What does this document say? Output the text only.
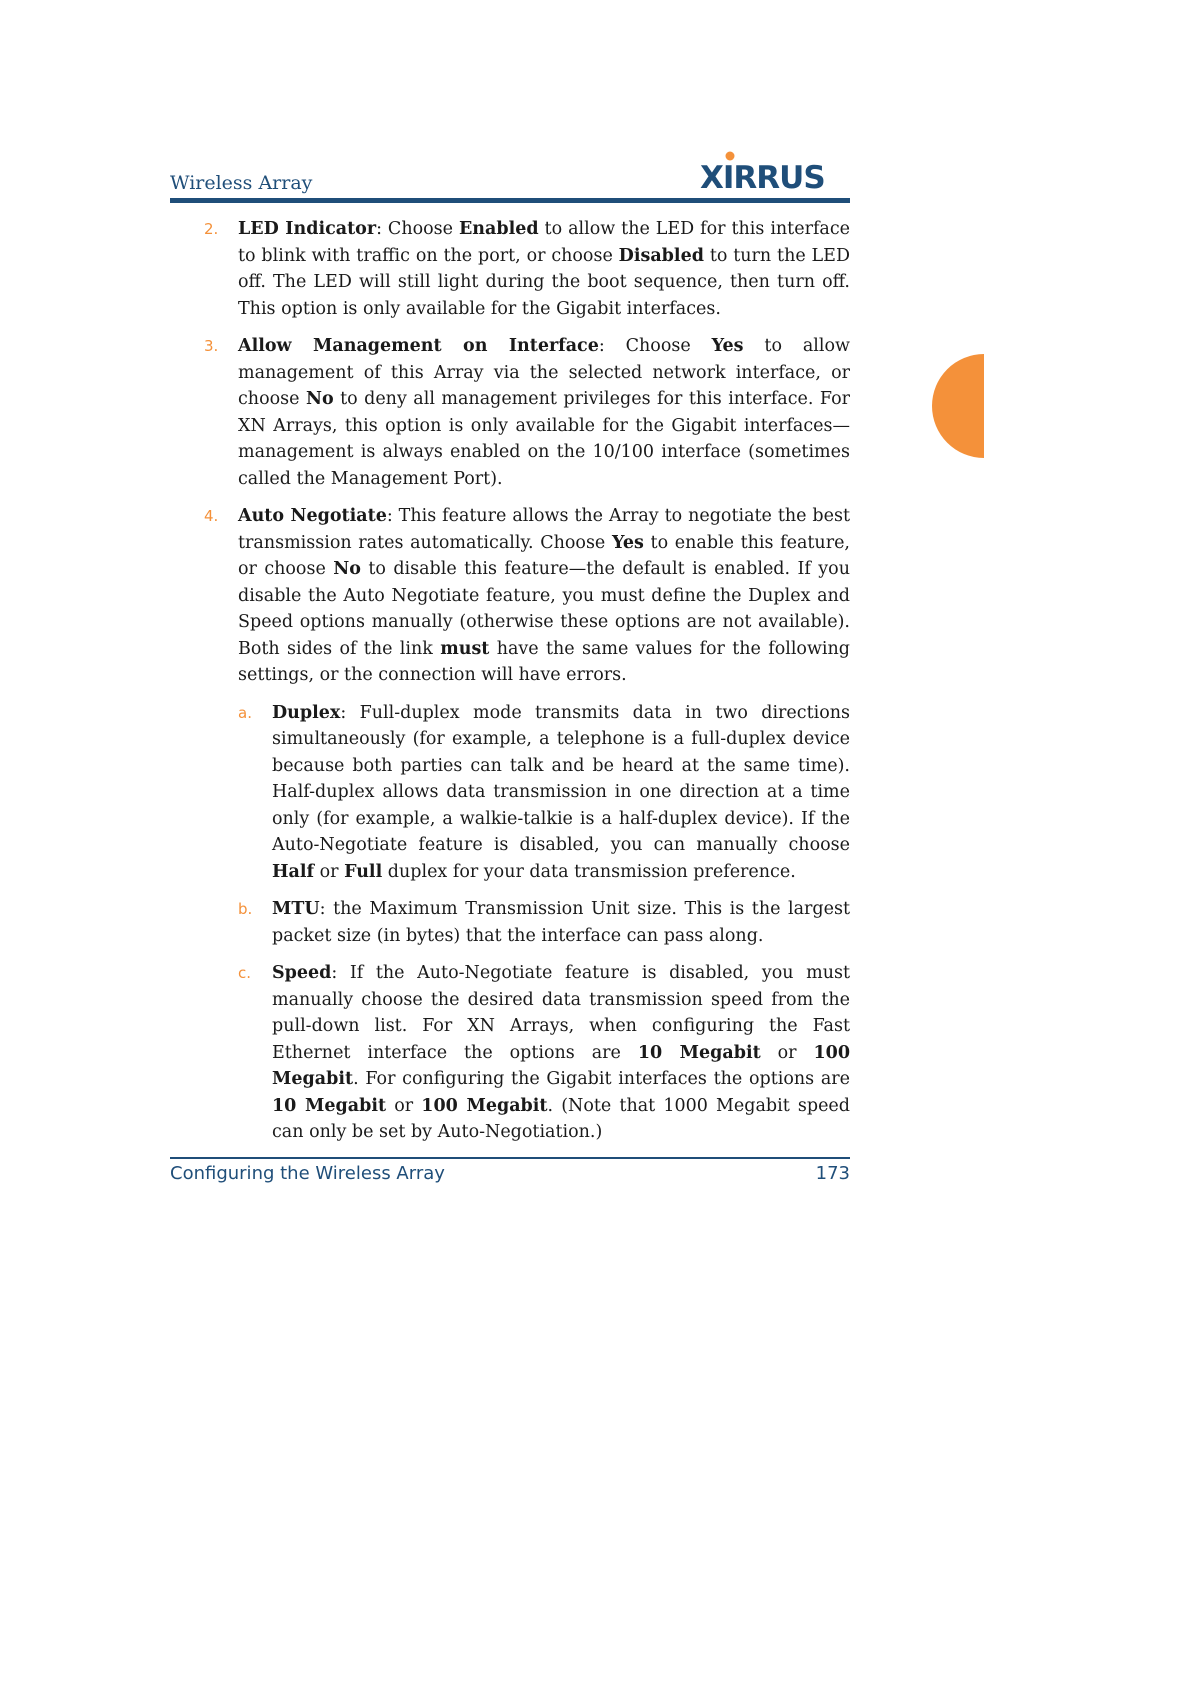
Wireless Array	XIRRUS

2. LED Indicator: Choose Enabled to allow the LED for this interface to blink with traffic on the port, or choose Disabled to turn the LED off. The LED will still light during the boot sequence, then turn off. This option is only available for the Gigabit interfaces.

3. Allow Management on Interface: Choose Yes to allow management of this Array via the selected network interface, or choose No to deny all management privileges for this interface. For XN Arrays, this option is only available for the Gigabit interfaces—management is always enabled on the 10/100 interface (sometimes called the Management Port).

4. Auto Negotiate: This feature allows the Array to negotiate the best transmission rates automatically. Choose Yes to enable this feature, or choose No to disable this feature—the default is enabled. If you disable the Auto Negotiate feature, you must define the Duplex and Speed options manually (otherwise these options are not available). Both sides of the link must have the same values for the following settings, or the connection will have errors.

a. Duplex: Full-duplex mode transmits data in two directions simultaneously (for example, a telephone is a full-duplex device because both parties can talk and be heard at the same time). Half-duplex allows data transmission in one direction at a time only (for example, a walkie-talkie is a half-duplex device). If the Auto-Negotiate feature is disabled, you can manually choose Half or Full duplex for your data transmission preference.

b. MTU: the Maximum Transmission Unit size. This is the largest packet size (in bytes) that the interface can pass along.

c. Speed: If the Auto-Negotiate feature is disabled, you must manually choose the desired data transmission speed from the pull-down list. For XN Arrays, when configuring the Fast Ethernet interface the options are 10 Megabit or 100 Megabit. For configuring the Gigabit interfaces the options are 10 Megabit or 100 Megabit. (Note that 1000 Megabit speed can only be set by Auto-Negotiation.)

Configuring the Wireless Array	173
